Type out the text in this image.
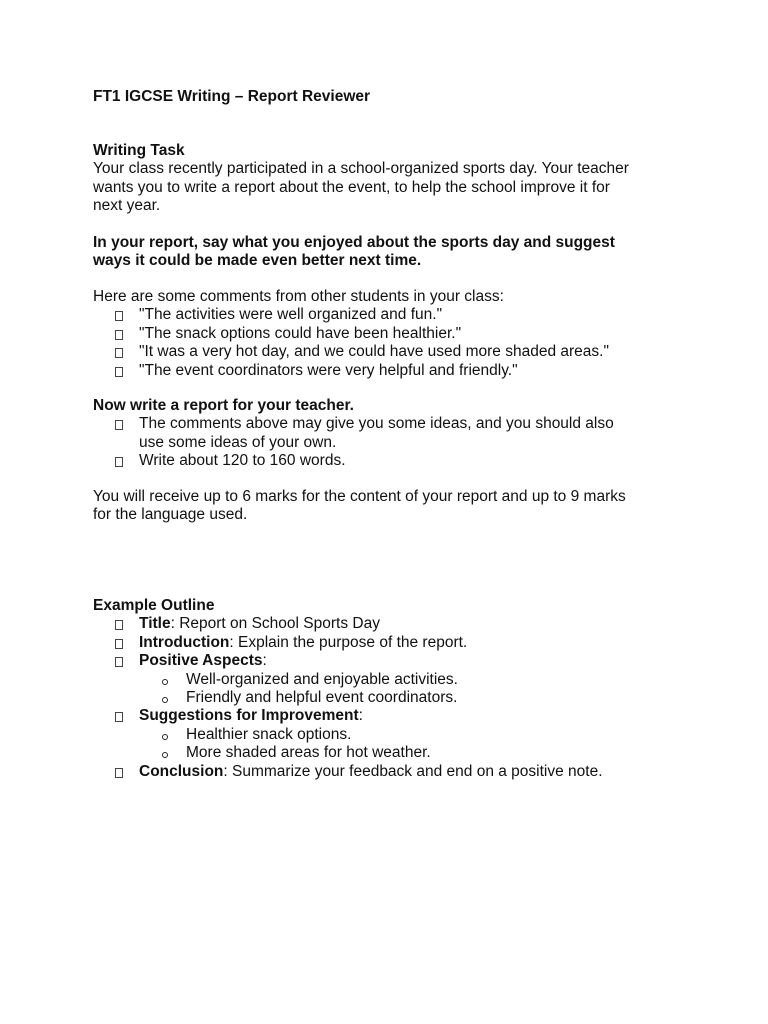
FT1 IGCSE Writing – Report Reviewer
Writing Task

Your class recently participated in a school-organized sports day. Your teacher

wants you to write a report about the event, to help the school improve it for

next year.

In your report, say what you enjoyed about the sports day and suggest

ways it could be made even better next time.

Here are some comments from other students in your class:

"The activities were well organized and fun."
"The snack options could have been healthier."
"It was a very hot day, and we could have used more shaded areas."
"The event coordinators were very helpful and friendly."
Now write a report for your teacher.

The comments above may give you some ideas, and you should also

use some ideas of your own.

Write about 120 to 160 words.

You will receive up to 6 marks for the content of your report and up to 9 marks

for the language used.

Example Outline
Title: Report on School Sports Day
Introduction: Explain the purpose of the report.
Positive Aspects:
Well-organized and enjoyable activities.
Friendly and helpful event coordinators.
Suggestions for Improvement:
Healthier snack options.
More shaded areas for hot weather.
Conclusion: Summarize your feedback and end on a positive note.
